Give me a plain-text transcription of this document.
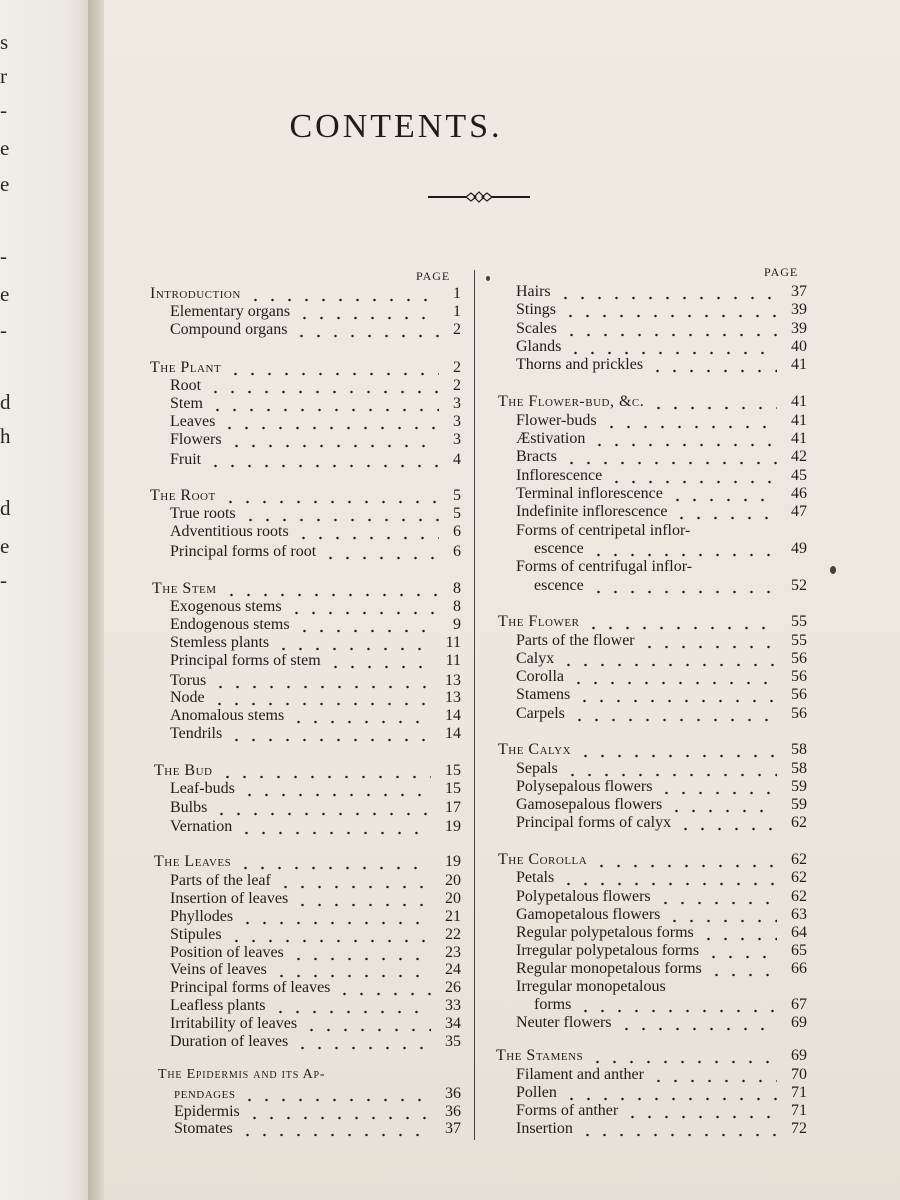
s
r
-
e
e
-
e
-
d
h
d
e
-
CONTENTS.
PAGE	PAGE
Introduction	1
Elementary organs	1
Compound organs	2
The Plant	2
Root	2
Stem	3
Leaves	3
Flowers	3
Fruit	4
The Root	5
True roots	5
Adventitious roots	6
Principal forms of root	6
The Stem	8
Exogenous stems	8
Endogenous stems	9
Stemless plants	11
Principal forms of stem	11
Torus	13
Node	13
Anomalous stems	14
Tendrils	14
The Bud	15
Leaf-buds	15
Bulbs	17
Vernation	19
The Leaves	19
Parts of the leaf	20
Insertion of leaves	20
Phyllodes	21
Stipules	22
Position of leaves	23
Veins of leaves	24
Principal forms of leaves	26
Leafless plants	33
Irritability of leaves	34
Duration of leaves	35
The Epidermis and its Ap-
pendages	36
Epidermis	36
Stomates	37
Hairs	37
Stings	39
Scales	39
Glands	40
Thorns and prickles	41
The Flower-bud, &c.	41
Flower-buds	41
Æstivation	41
Bracts	42
Inflorescence	45
Terminal inflorescence	46
Indefinite inflorescence	47
Forms of centripetal inflor-
escence	49
Forms of centrifugal inflor-
escence	52
The Flower	55
Parts of the flower	55
Calyx	56
Corolla	56
Stamens	56
Carpels	56
The Calyx	58
Sepals	58
Polysepalous flowers	59
Gamosepalous flowers	59
Principal forms of calyx	62
The Corolla	62
Petals	62
Polypetalous flowers	62
Gamopetalous flowers	63
Regular polypetalous forms	64
Irregular polypetalous forms	65
Regular monopetalous forms	66
Irregular monopetalous
forms	67
Neuter flowers	69
The Stamens	69
Filament and anther	70
Pollen	71
Forms of anther	71
Insertion	72
